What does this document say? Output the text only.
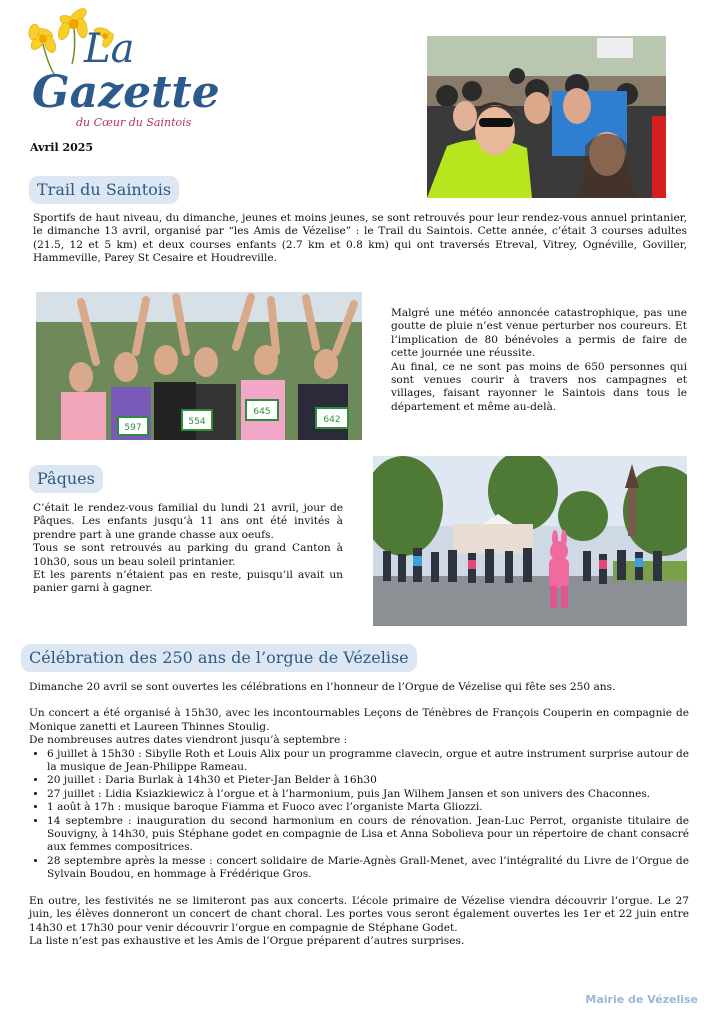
La
Gazette
du Cœur du Saintois
Avril 2025
Trail du Saintois

Sportifs de haut niveau, du dimanche, jeunes et moins jeunes, se sont retrouvés pour leur rendez-vous annuel printanier, le dimanche 13 avril, organisé par “les Amis de Vézelise” : le Trail du Saintois. Cette année, c’était 3 courses adultes (21.5, 12 et 5 km) et deux courses enfants (2.7 km et 0.8 km) qui ont traversés Etreval, Vitrey, Ognéville, Goviller, Hammeville, Parey St Cesaire et Houdreville.

554
645
642
597

Malgré une météo annoncée catastrophique, pas une goutte de pluie n’est venue perturber nos coureurs. Et l’implication de 80 bénévoles a permis de faire de cette journée une réussite.

Au final, ce ne sont pas moins de 650 personnes qui sont venues courir à travers nos campagnes et villages, faisant rayonner le Saintois dans tous le département et même au-delà.

Pâques

C’était le rendez-vous familial du lundi 21 avril, jour de Pâques. Les enfants jusqu’à 11 ans ont été invités à prendre part à une grande chasse aux oeufs.

Tous se sont retrouvés au parking du grand Canton à 10h30, sous un beau soleil printanier.

Et les parents n’étaient pas en reste, puisqu’il avait un panier garni à gagner.

Célébration des 250 ans de l’orgue de Vézelise

Dimanche 20 avril se sont ouvertes les célébrations en l’honneur de l’Orgue de Vézelise qui fête ses 250 ans.

Un concert a été organisé à 15h30, avec les incontournables Leçons de Ténèbres de François Couperin en compagnie de Monique zanetti et Laureen Thinnes Stoulig.

De nombreuses autres dates viendront jusqu’à septembre :

• 6 juillet à 15h30 : Sibylle Roth et Louis Alix pour un programme clavecin, orgue et autre instrument surprise autour de la musique de Jean-Philippe Rameau.
• 20 juillet : Daria Burlak à 14h30 et Pieter-Jan Belder à 16h30
• 27 juillet : Lidia Ksiazkiewicz à l’orgue et à l’harmonium, puis Jan Wilhem Jansen et son univers des Chaconnes.
• 1 août à 17h : musique baroque Fiamma et Fuoco avec l’organiste Marta Gliozzi.
• 14 septembre : inauguration du second harmonium en cours de rénovation. Jean-Luc Perrot, organiste titulaire de Souvigny, à 14h30, puis Stéphane godet en compagnie de Lisa et Anna Sobolieva pour un répertoire de chant consacré aux femmes compositrices.
• 28 septembre après la messe : concert solidaire de Marie-Agnès Grall-Menet, avec l’intégralité du Livre de l’Orgue de Sylvain Boudou, en hommage à Frédérique Gros.

En outre, les festivités ne se limiteront pas aux concerts. L’école primaire de Vézelise viendra découvrir l’orgue. Le 27 juin, les élèves donneront un concert de chant choral. Les portes vous seront également ouvertes les 1er et 22 juin entre 14h30 et 17h30 pour venir découvrir l’orgue en compagnie de Stéphane Godet.

La liste n’est pas exhaustive et les Amis de l’Orgue préparent d’autres surprises.

Mairie de Vézelise
